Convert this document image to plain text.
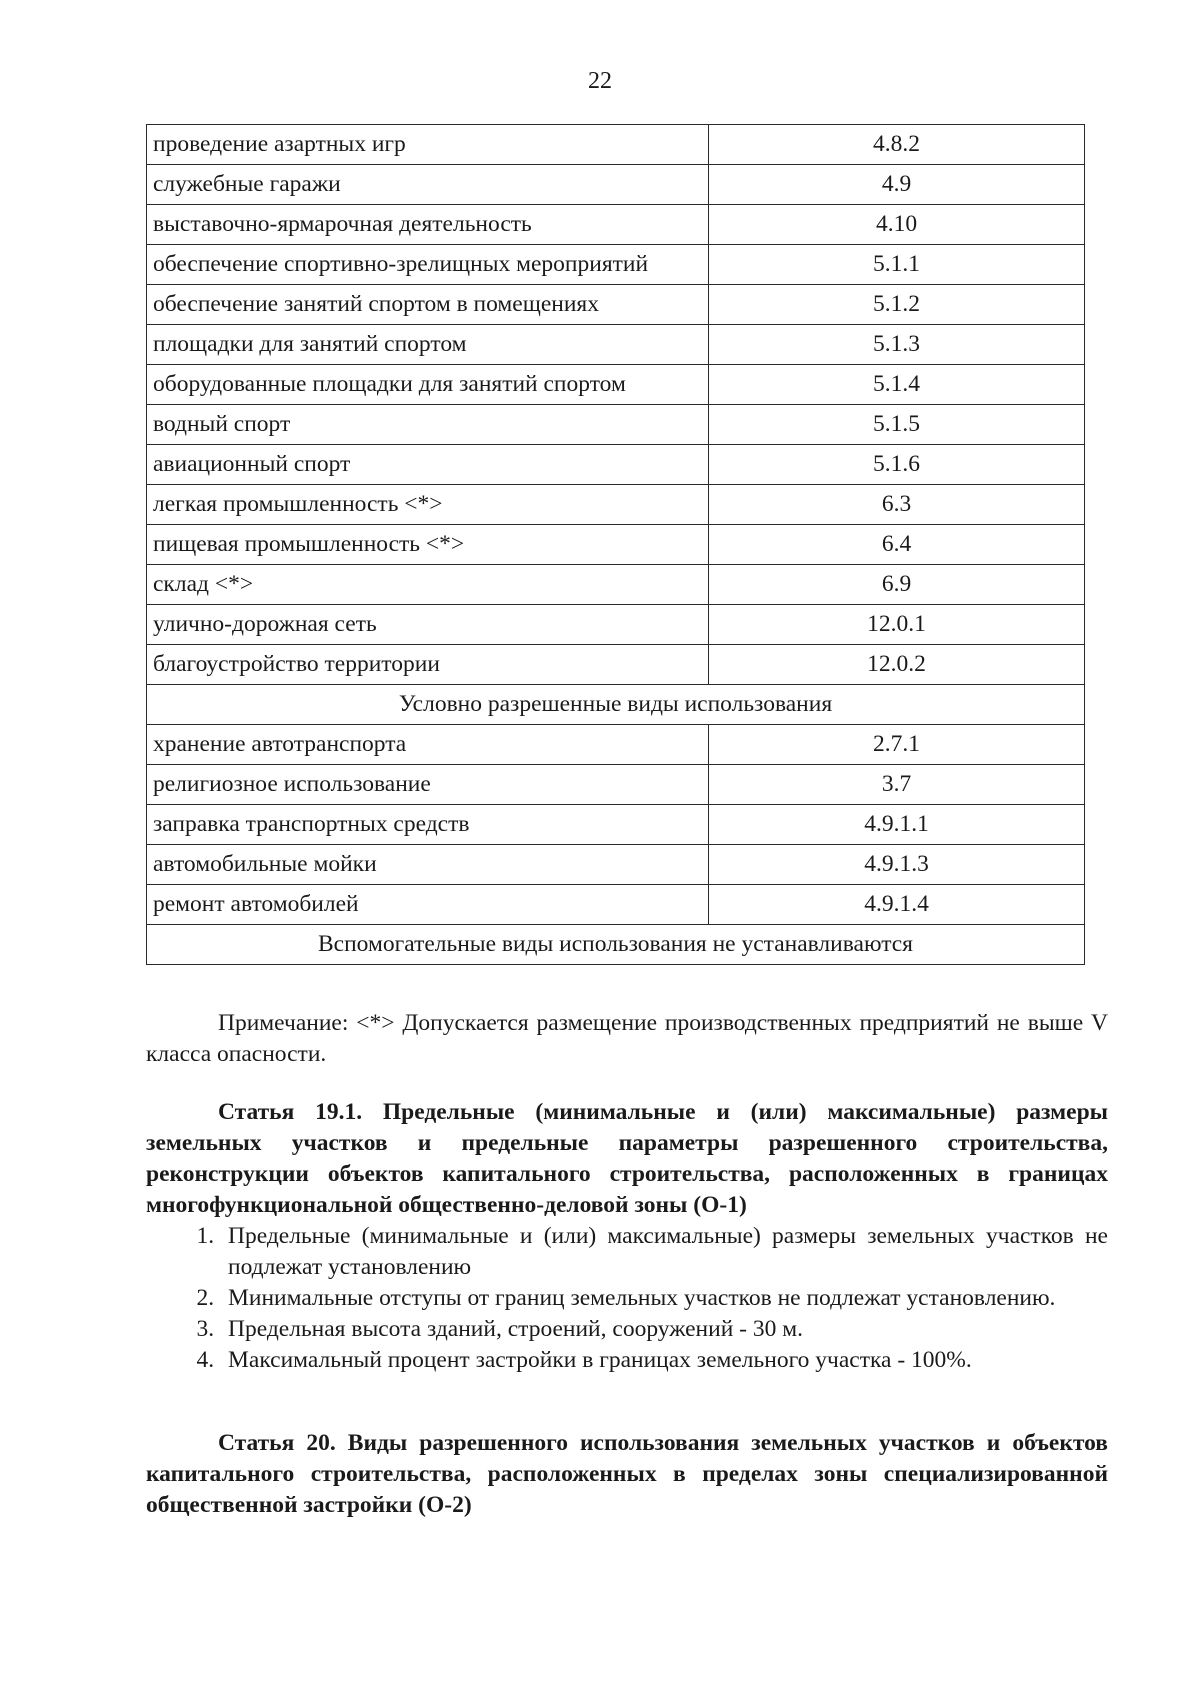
22
проведение азартных игр	4.8.2
служебные гаражи	4.9
выставочно-ярмарочная деятельность	4.10
обеспечение спортивно-зрелищных мероприятий	5.1.1
обеспечение занятий спортом в помещениях	5.1.2
площадки для занятий спортом	5.1.3
оборудованные площадки для занятий спортом	5.1.4
водный спорт	5.1.5
авиационный спорт	5.1.6
легкая промышленность <*>	6.3
пищевая промышленность <*>	6.4
склад <*>	6.9
улично-дорожная сеть	12.0.1
благоустройство территории	12.0.2
Условно разрешенные виды использования	
хранение автотранспорта	2.7.1
религиозное использование	3.7
заправка транспортных средств	4.9.1.1
автомобильные мойки	4.9.1.3
ремонт автомобилей	4.9.1.4
Вспомогательные виды использования не устанавливаются	

Примечание: <*> Допускается размещение производственных предприятий не выше V класса опасности.

Статья 19.1. Предельные (минимальные и (или) максимальные) размеры земельных участков и предельные параметры разрешенного строительства, реконструкции объектов капитального строительства, расположенных в границах многофункциональной общественно-деловой зоны (О-1)

1. Предельные (минимальные и (или) максимальные) размеры земельных участков не подлежат установлению
2. Минимальные отступы от границ земельных участков не подлежат установлению.
3. Предельная высота зданий, строений, сооружений - 30 м.
4. Максимальный процент застройки в границах земельного участка - 100%.

Статья 20. Виды разрешенного использования земельных участков и объектов капитального строительства, расположенных в пределах зоны специализированной общественной застройки (О-2)
